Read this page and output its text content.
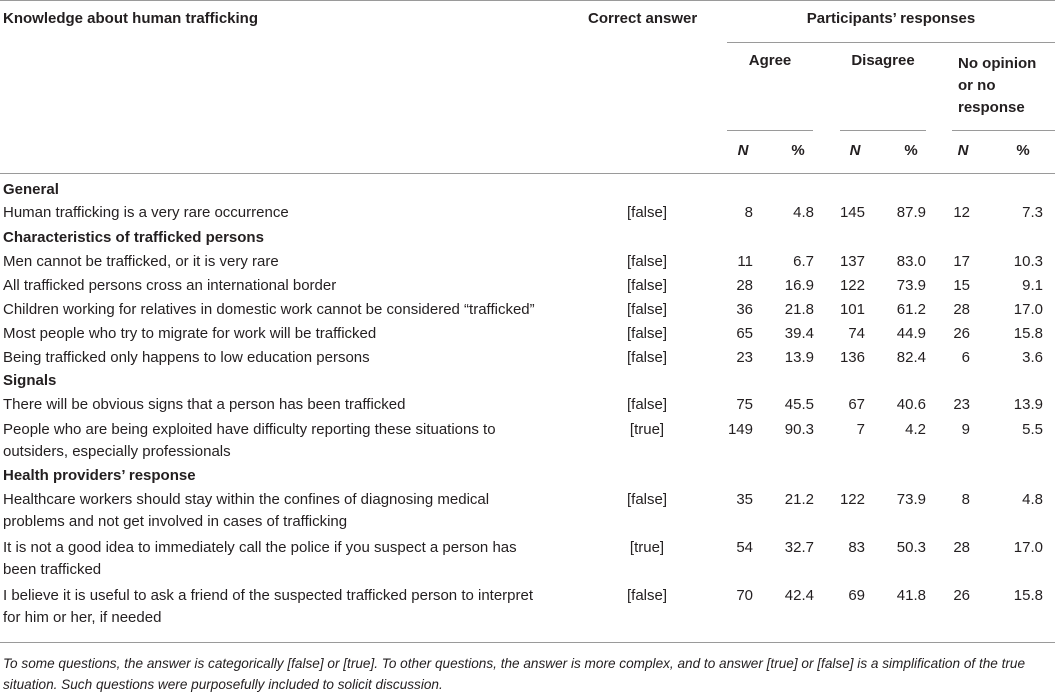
Knowledge about human trafficking	Correct answer	Participants’ responses
Agree	Disagree	No opinion
or no
response
N	%	N	%	N	%
General
Human trafficking is a very rare occurrence	[false]	8	4.8	145	87.9	12	7.3
Characteristics of trafficked persons
Men cannot be trafficked, or it is very rare	[false]	11	6.7	137	83.0	17	10.3
All trafficked persons cross an international border	[false]	28	16.9	122	73.9	15	9.1
Children working for relatives in domestic work cannot be considered “trafficked”	[false]	36	21.8	101	61.2	28	17.0
Most people who try to migrate for work will be trafficked	[false]	65	39.4	74	44.9	26	15.8
Being trafficked only happens to low education persons	[false]	23	13.9	136	82.4	6	3.6
Signals
There will be obvious signs that a person has been trafficked	[false]	75	45.5	67	40.6	23	13.9
People who are being exploited have difficulty reporting these situations to
outsiders, especially professionals
[true]	149	90.3	7	4.2	9	5.5
Health providers’ response
Healthcare workers should stay within the confines of diagnosing medical
problems and not get involved in cases of trafficking
[false]	35	21.2	122	73.9	8	4.8
It is not a good idea to immediately call the police if you suspect a person has
been trafficked
[true]	54	32.7	83	50.3	28	17.0
I believe it is useful to ask a friend of the suspected trafficked person to interpret
for him or her, if needed
[false]	70	42.4	69	41.8	26	15.8
To some questions, the answer is categorically [false] or [true]. To other questions, the answer is more complex, and to answer [true] or [false] is a simplification of the true situation. Such questions were purposefully included to solicit discussion.
